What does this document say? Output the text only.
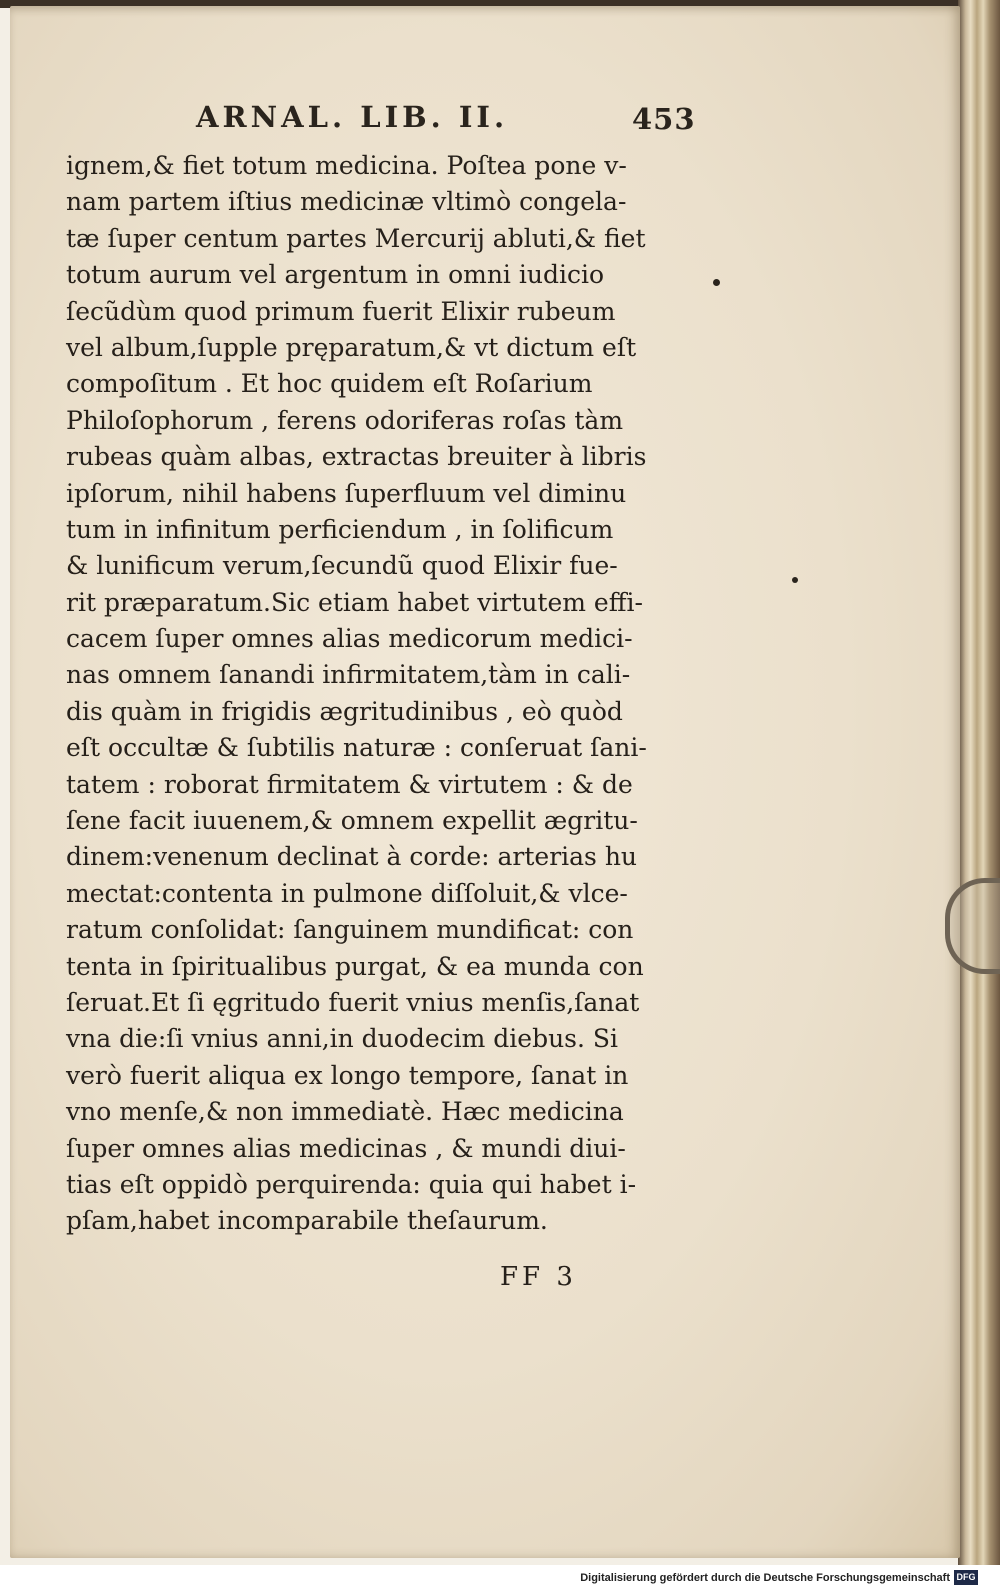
ARNAL. LIB. II.	453
ignem,& fiet totum medicina. Poſtea pone v-
nam partem iſtius medicinæ vltimò congela-
tæ ſuper centum partes Mercurij abluti,& fiet
totum aurum vel argentum in omni iudicio
ſecũdùm quod primum fuerit Elixir rubeum
vel album,ſupple pręparatum,& vt dictum eſt
compoſitum . Et hoc quidem eſt Roſarium
Philoſophorum , ferens odoriferas roſas tàm
rubeas quàm albas, extractas breuiter à libris
ipſorum, nihil habens ſuperfluum vel diminu
tum in infinitum perficiendum , in ſolificum
& lunificum verum,ſecundũ quod Elixir fue-
rit præparatum.Sic etiam habet virtutem effi-
cacem ſuper omnes alias medicorum medici-
nas omnem ſanandi infirmitatem,tàm in cali-
dis quàm in frigidis ægritudinibus , eò quòd
eſt occultæ & ſubtilis naturæ : conſeruat ſani-
tatem : roborat firmitatem & virtutem : & de
ſene facit iuuenem,& omnem expellit ægritu-
dinem:venenum declinat à corde: arterias hu
mectat:contenta in pulmone diſſoluit,& vlce-
ratum conſolidat: ſanguinem mundificat: con
tenta in ſpiritualibus purgat, & ea munda con
ſeruat.Et ſi ęgritudo fuerit vnius menſis,ſanat
vna die:ſi vnius anni,in duodecim diebus. Si
verò fuerit aliqua ex longo tempore, ſanat in
vno menſe,& non immediatè. Hæc medicina
ſuper omnes alias medicinas , & mundi diui-
tias eſt oppidò perquirenda: quia qui habet i-
pſam,habet incomparabile theſaurum.
FF 3
Digitalisierung gefördert durch die Deutsche Forschungsgemeinschaft DFG
